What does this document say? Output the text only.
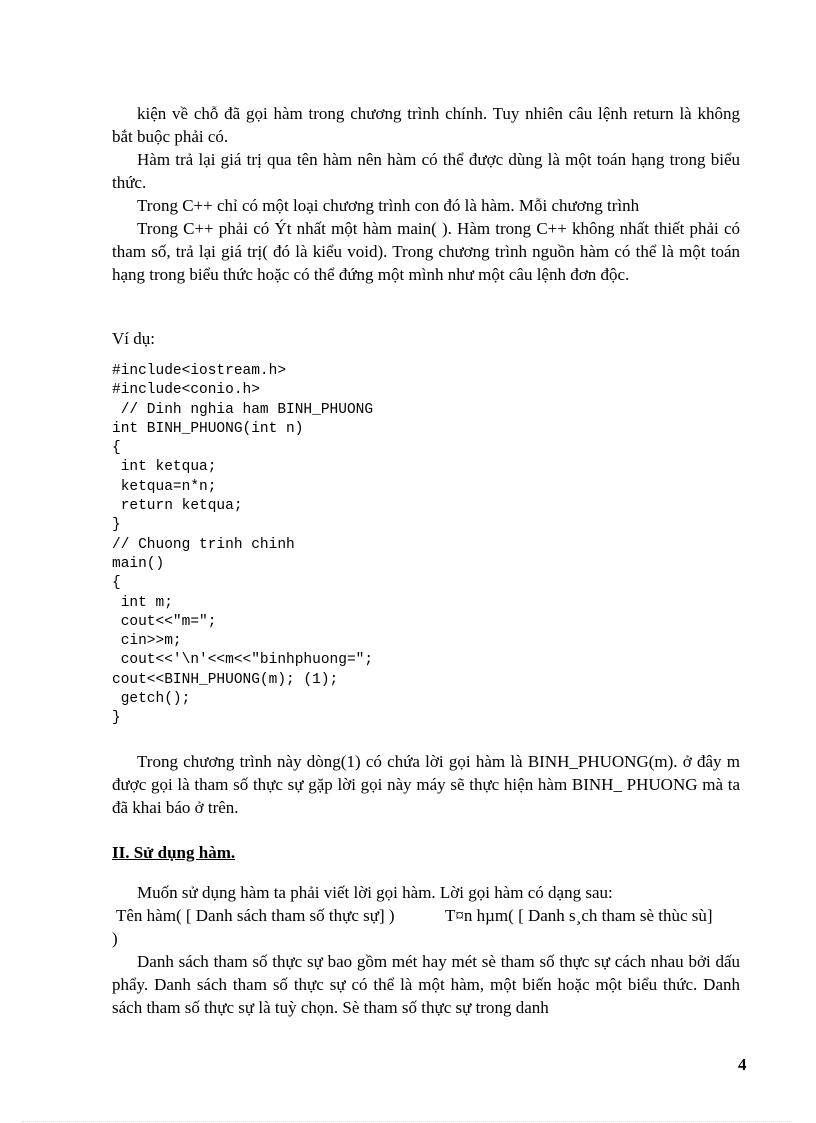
kiện về chỗ đã gọi hàm trong chương trình chính. Tuy nhiên câu lệnh return là không bắt buộc phải có.

Hàm trả lại giá trị qua tên hàm nên hàm có thể được dùng là một toán hạng trong biểu thức.

Trong C++ chỉ có một loại chương trình con đó là hàm. Mỗi chương trình

Trong C++ phải có Ýt nhất một hàm main( ). Hàm trong C++ không nhất thiết phải có tham số, trả lại giá trị( đó là kiểu void). Trong chương trình nguồn hàm có thể là một toán hạng trong biểu thức hoặc có thể đứng một mình như một câu lệnh đơn độc.

Ví dụ:

#include<iostream.h>
#include<conio.h>
// Dinh nghia ham BINH_PHUONG
int BINH_PHUONG(int n)
{
int ketqua;
ketqua=n*n;
return ketqua;
}
// Chuong trinh chinh
main()
{
int m;
cout<<"m=";
cin>>m;
cout<<'\n'<<m<<"binhphuong=";
cout<<BINH_PHUONG(m); (1);
getch();
}

Trong chương trình này dòng(1) có chứa lời gọi hàm là BINH_PHUONG(m). ở đây m được gọi là tham số thực sự gặp lời gọi này máy sẽ thực hiện hàm BINH_ PHUONG mà ta đã khai báo ở trên.

II. Sử dụng hàm.

Muốn sử dụng hàm ta phải viết lời gọi hàm. Lời gọi hàm có dạng sau:

Tên hàm( [ Danh sách tham số thực sự] )	T¤n hµm( [ Danh s¸ch tham sè thùc sù]
)

Danh sách tham số thực sự bao gồm mét hay mét sè tham số thực sự cách nhau bởi dấu phẩy. Danh sách tham số thực sự có thể là một hàm, một biến hoặc một biểu thức. Danh sách tham số thực sự là tuỳ chọn. Sè tham số thực sự trong danh

4
